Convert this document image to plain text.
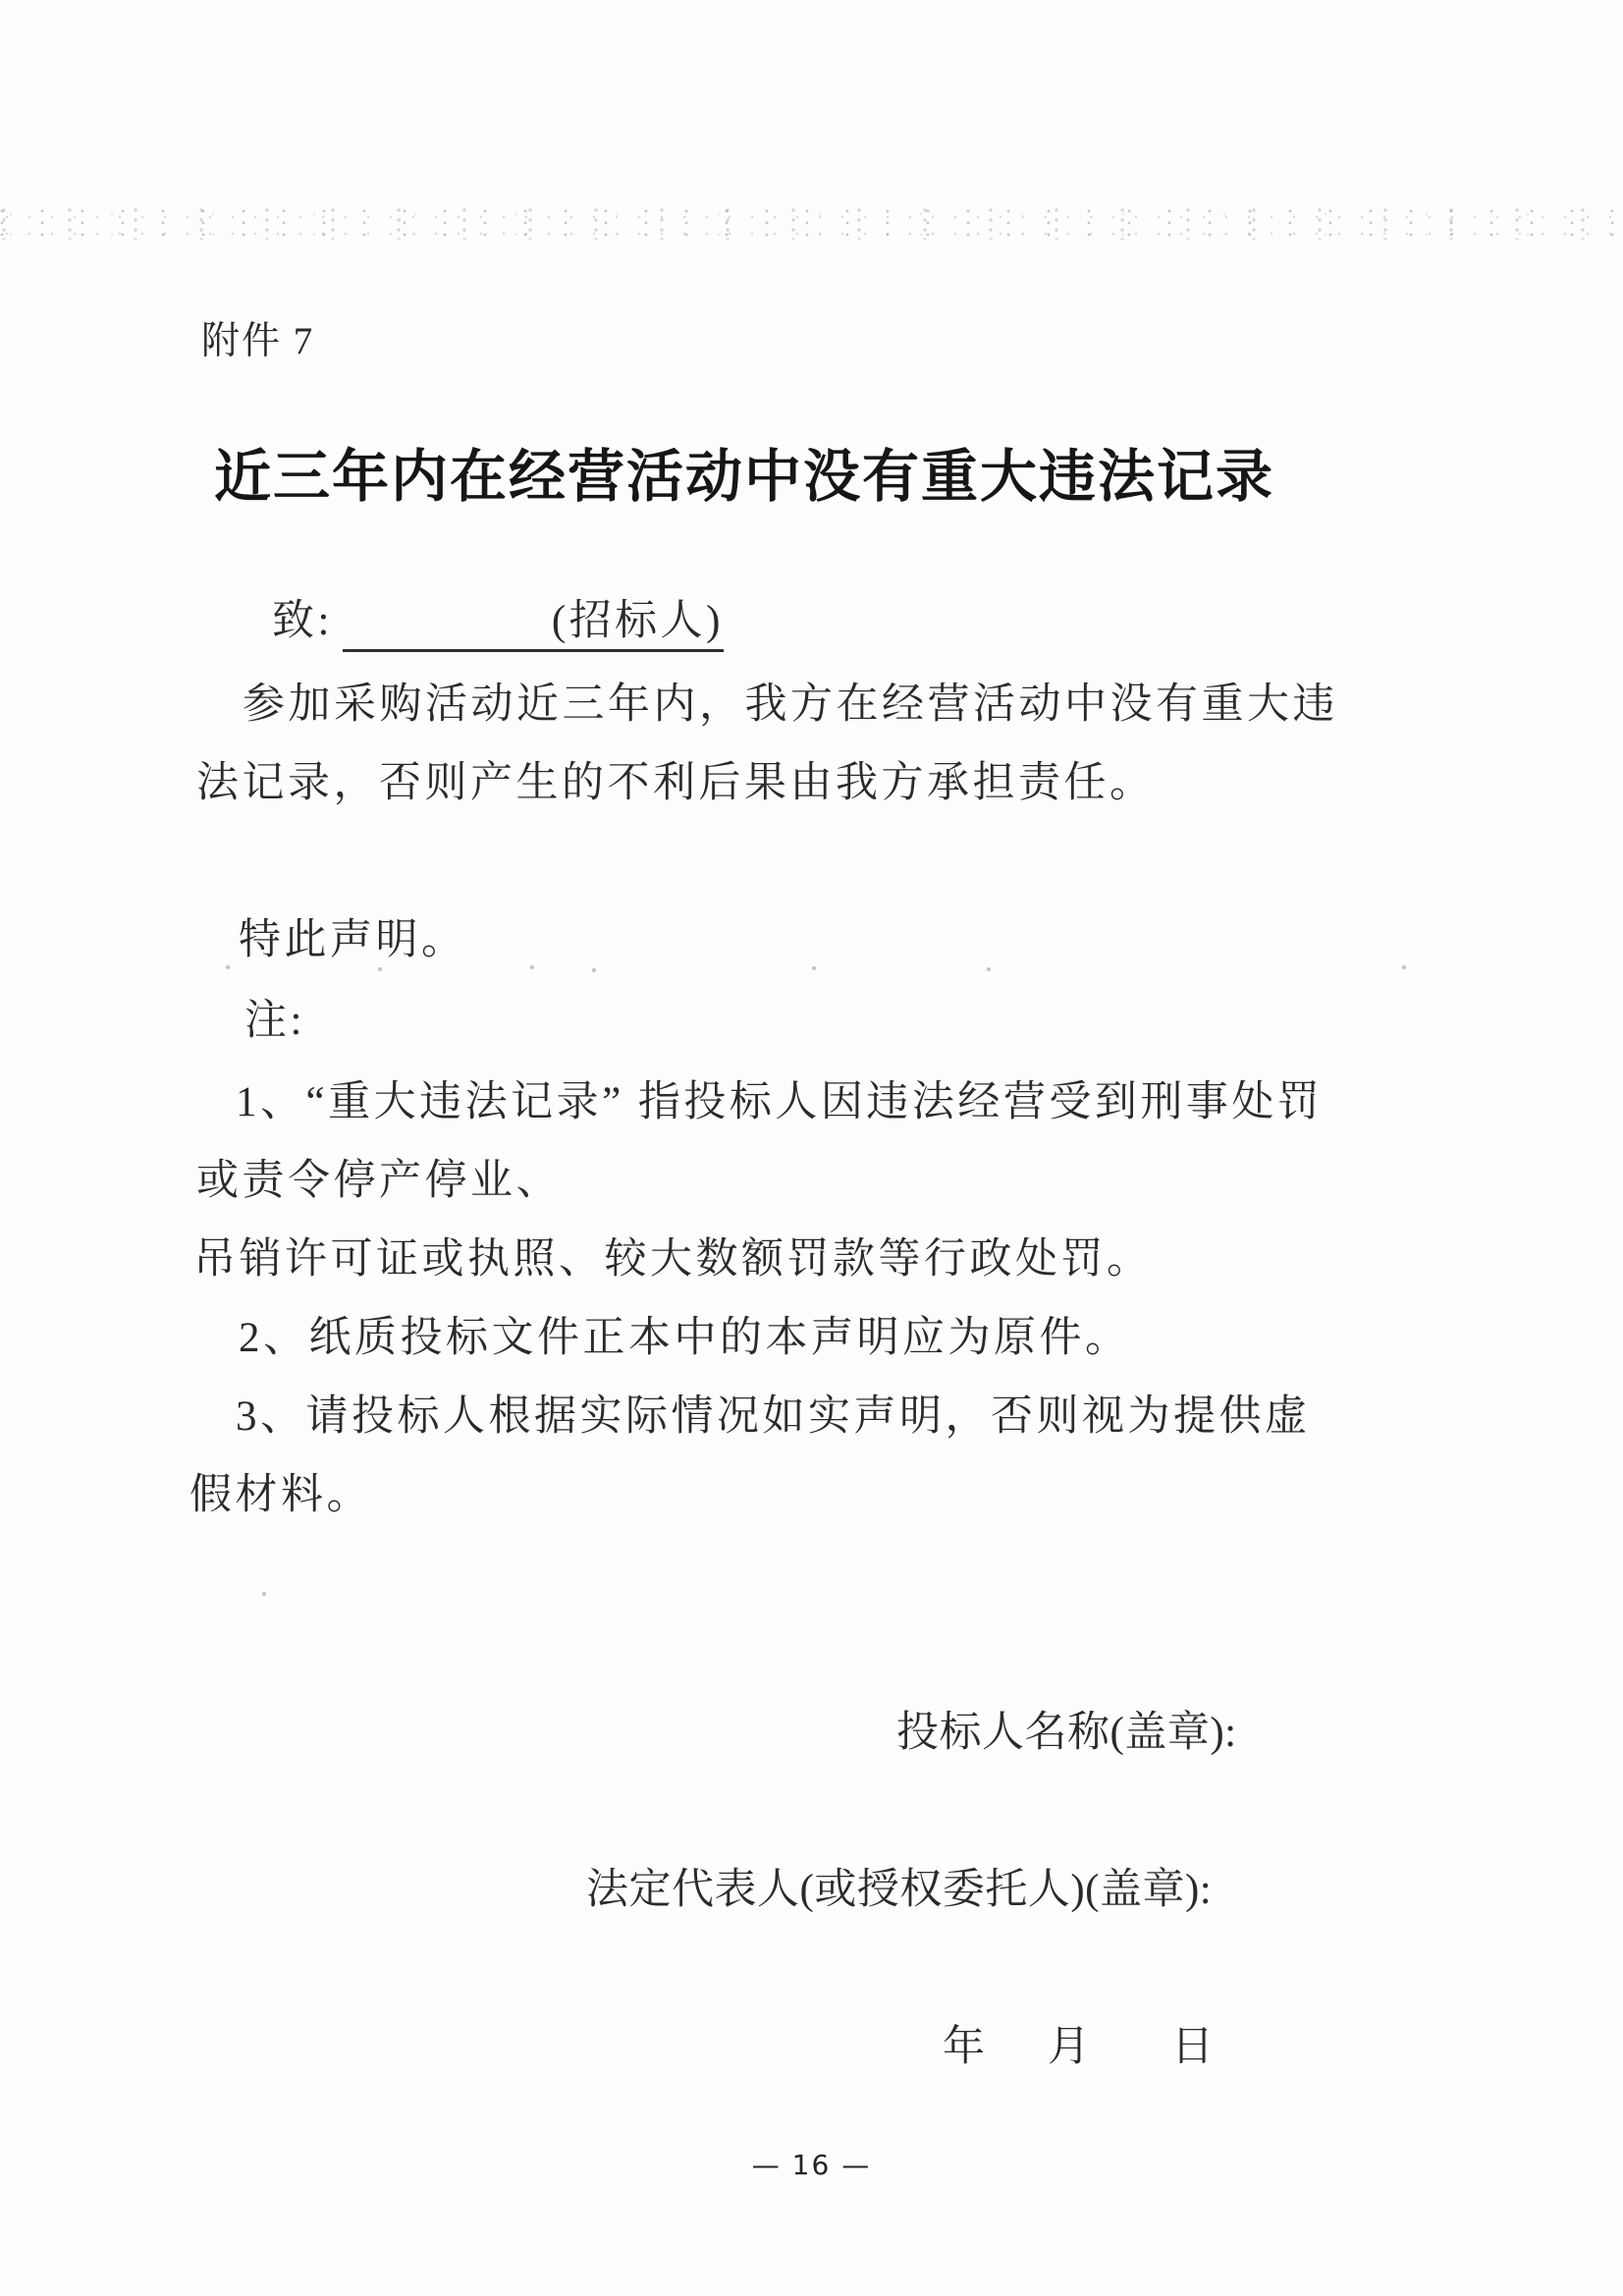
附件 7
近三年内在经营活动中没有重大违法记录
致:	(招标人)
参加采购活动近三年内，我方在经营活动中没有重大违
法记录，否则产生的不利后果由我方承担责任。
特此声明。
注:
1、“重大违法记录” 指投标人因违法经营受到刑事处罚
或责令停产停业、
吊销许可证或执照、较大数额罚款等行政处罚。
2、纸质投标文件正本中的本声明应为原件。
3、请投标人根据实际情况如实声明，否则视为提供虚
假材料。
投标人名称(盖章):
法定代表人(或授权委托人)(盖章):
年 月 日
— 16 —
